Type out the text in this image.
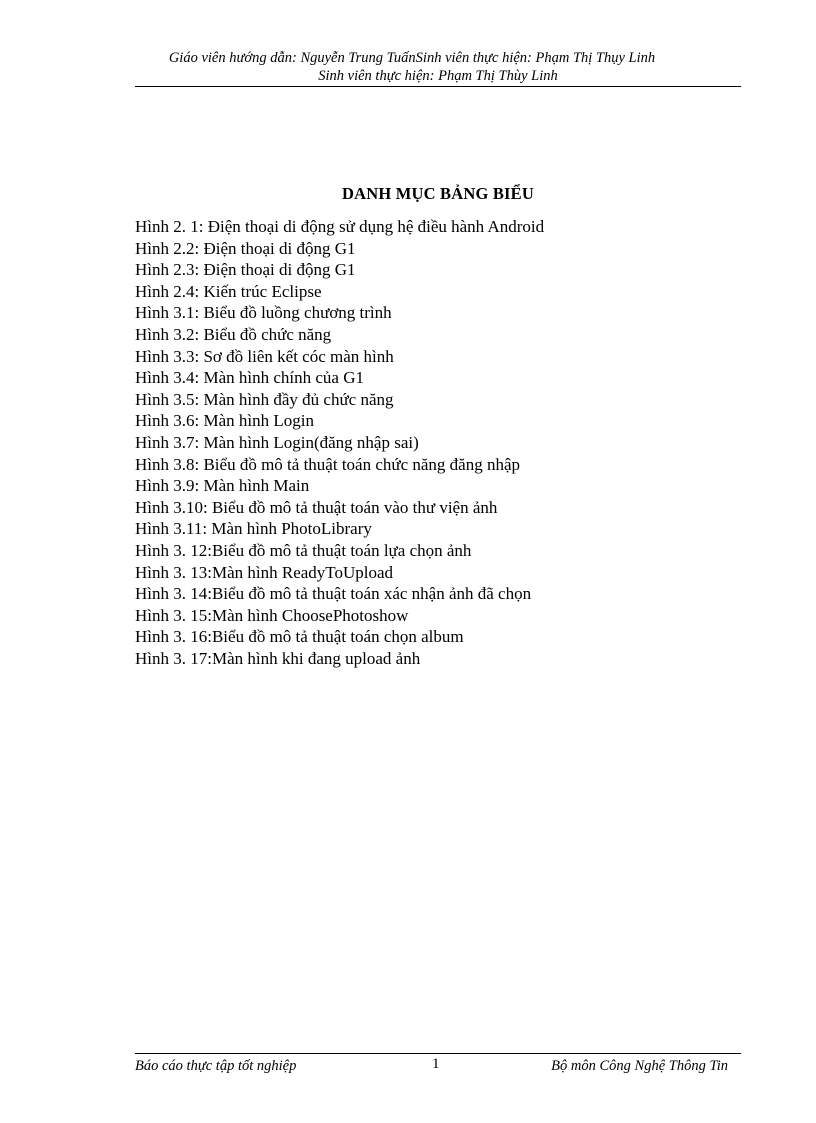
Giáo viên hướng dẫn: Nguyễn Trung TuấnSinh viên thực hiện: Phạm Thị Thụy Linh
Sinh viên thực hiện: Phạm Thị Thùy Linh
DANH MỤC BẢNG BIỂU
Hình 2. 1: Điện thoại di động sử dụng hệ điều hành Android
Hình 2.2: Điện thoại di động G1
Hình 2.3: Điện thoại di động G1
Hình 2.4: Kiến trúc Eclipse
Hình 3.1: Biểu đồ luồng chương trình
Hình 3.2: Biểu đồ chức năng
Hình 3.3: Sơ đồ liên kết cóc màn hình
Hình 3.4: Màn hình chính của G1
Hình 3.5: Màn hình đầy đủ chức năng
Hình 3.6: Màn hình Login
Hình 3.7: Màn hình Login(đăng nhập sai)
Hình 3.8: Biểu đồ mô tả thuật toán chức năng đăng nhập
Hình 3.9: Màn hình Main
Hình 3.10: Biểu đồ mô tả thuật toán vào thư viện ảnh
Hình 3.11: Màn hình PhotoLibrary
Hình 3. 12:Biểu đồ mô tả thuật toán lựa chọn ảnh
Hình 3. 13:Màn hình ReadyToUpload
Hình 3. 14:Biểu đồ mô tả thuật toán xác nhận ảnh đã chọn
Hình 3. 15:Màn hình ChoosePhotoshow
Hình 3. 16:Biểu đồ mô tả thuật toán chọn album
Hình 3. 17:Màn hình khi đang upload ảnh
Báo cáo thực tập tốt nghiệp	1	Bộ môn Công Nghệ Thông Tin
